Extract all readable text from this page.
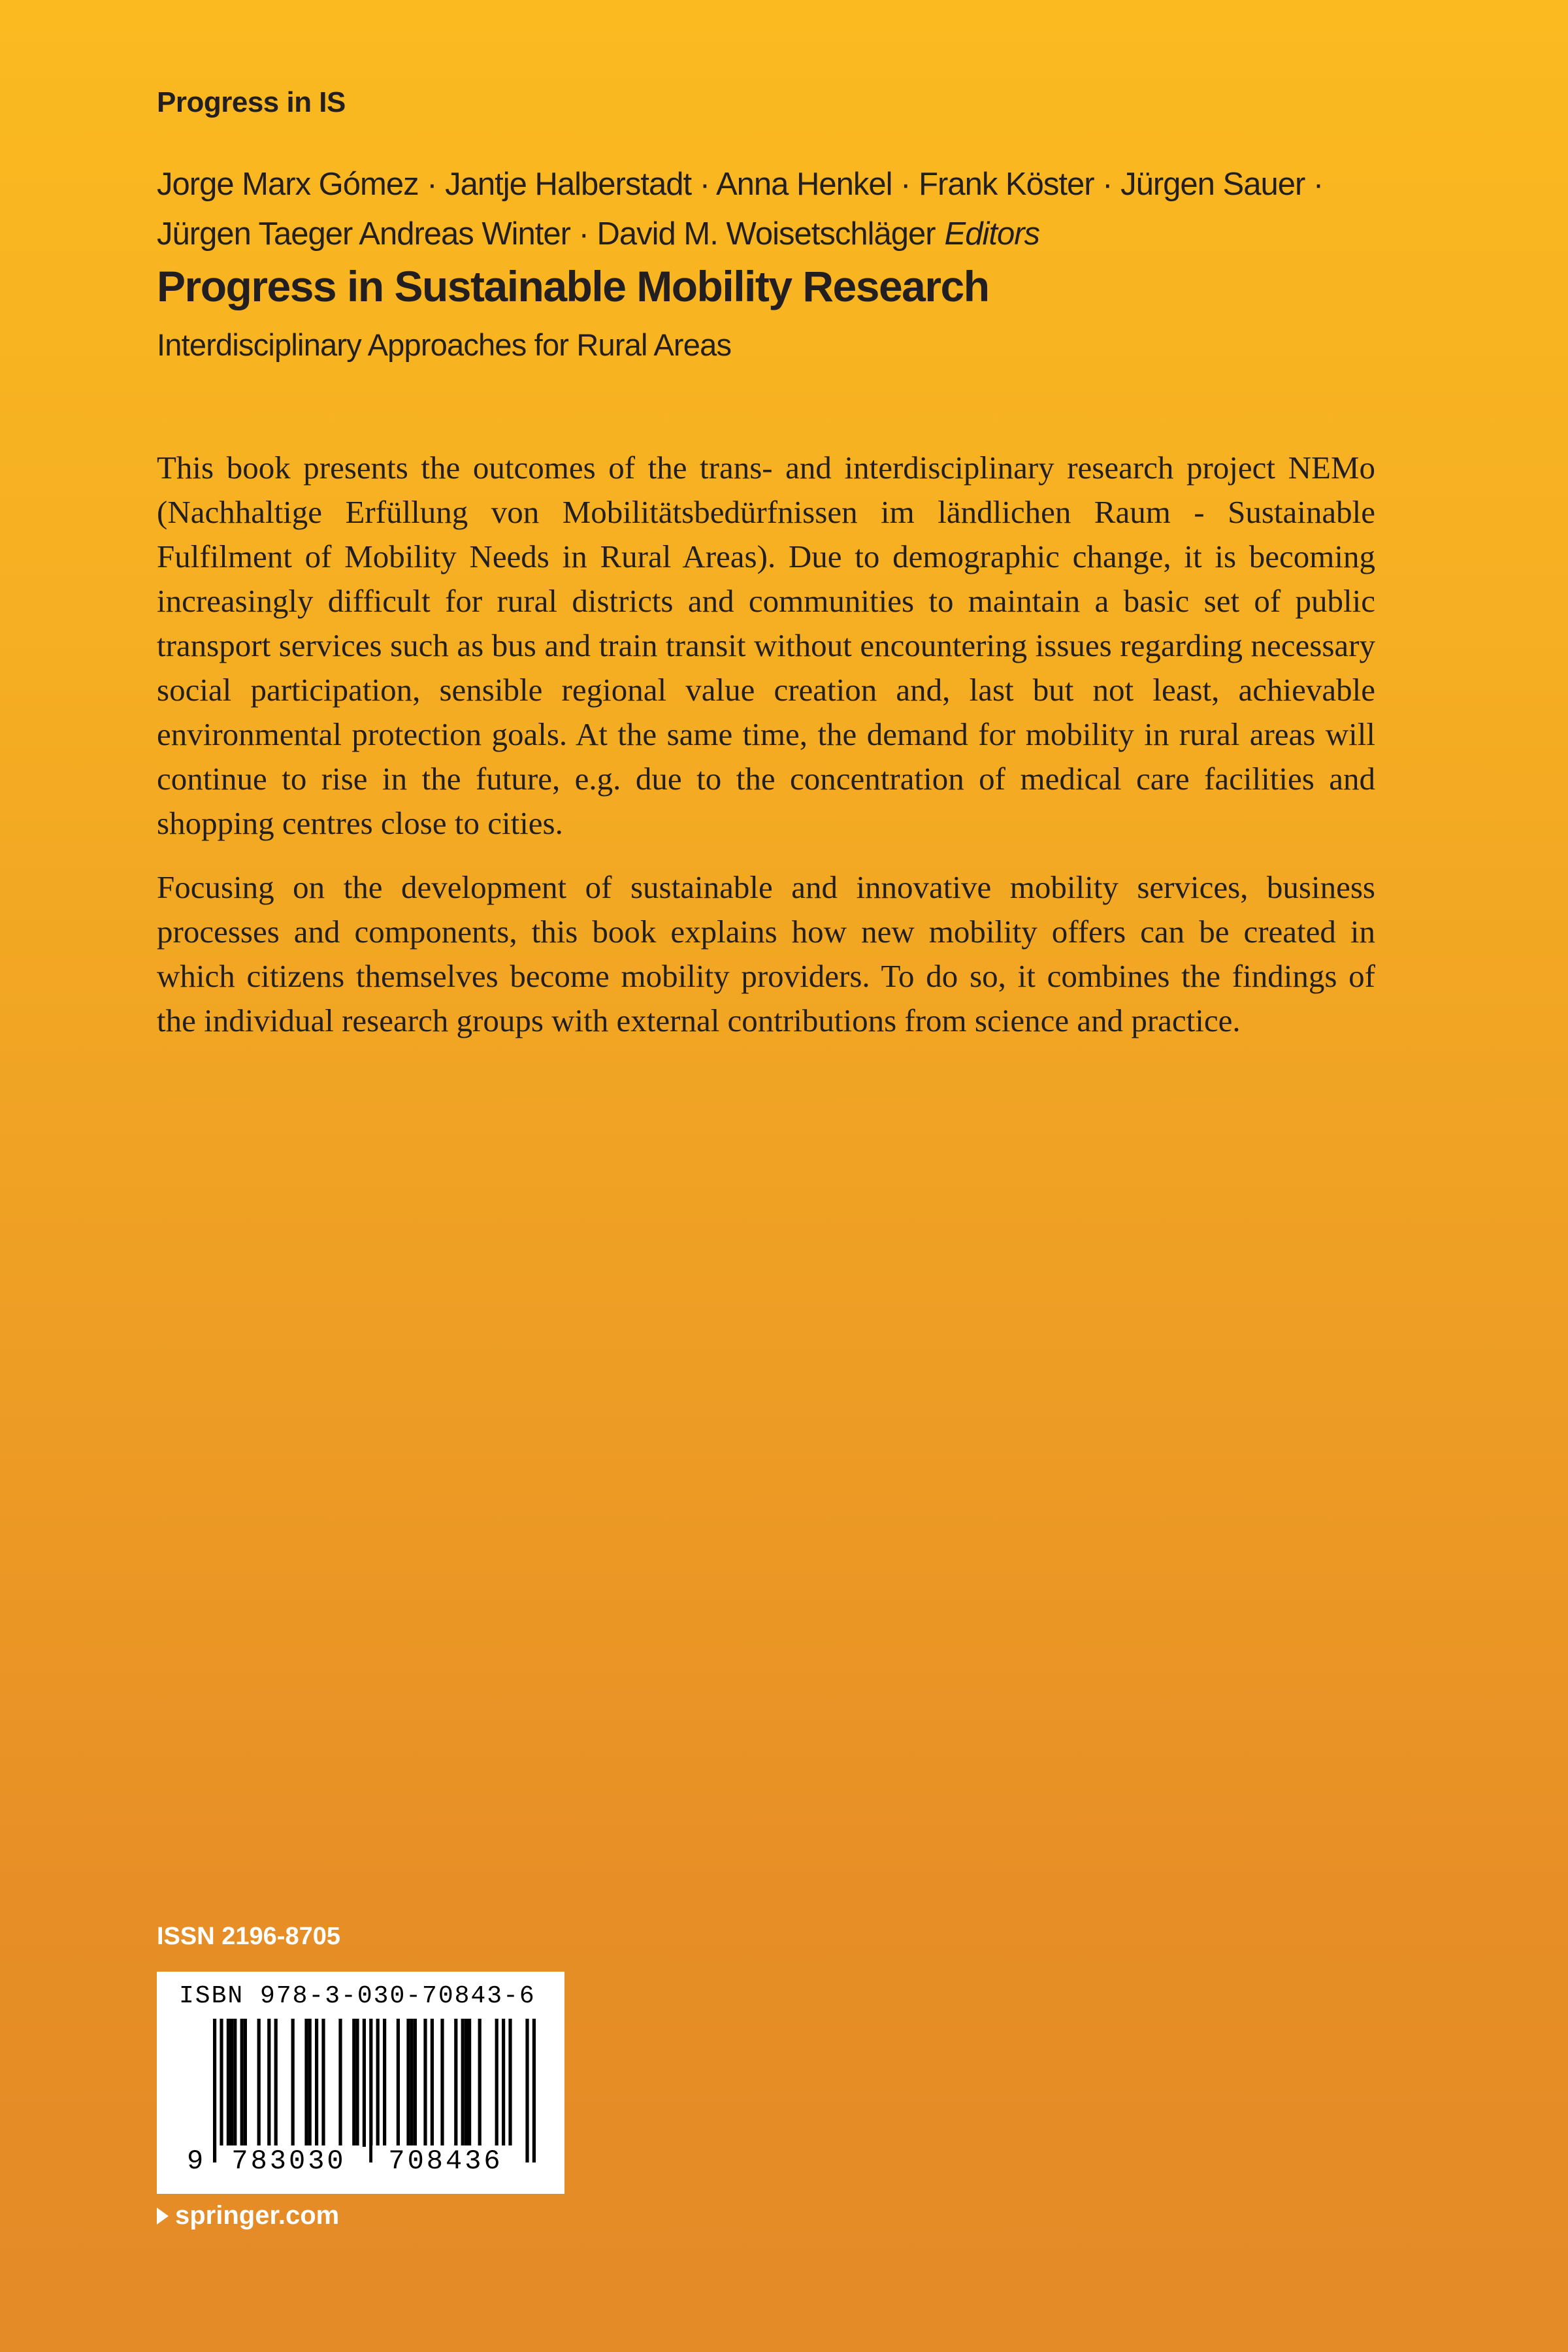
Progress in IS
Jorge Marx Gómez · Jantje Halberstadt · Anna Henkel · Frank Köster · Jürgen Sauer · Jürgen Taeger Andreas Winter · David M. Woisetschläger Editors
Progress in Sustainable Mobility Research
Interdisciplinary Approaches for Rural Areas

This book presents the outcomes of the trans- and interdisciplinary research project NEMo (Nachhaltige Erfüllung von Mobilitätsbedürfnissen im ländlichen Raum - Sustainable Fulfilment of Mobility Needs in Rural Areas). Due to demographic change, it is becoming increasingly difficult for rural districts and communities to maintain a basic set of public transport services such as bus and train transit without encountering issues regarding necessary social participation, sensible regional value creation and, last but not least, achievable environmental protection goals. At the same time, the demand for mobility in rural areas will continue to rise in the future, e.g. due to the concentration of medical care facilities and shopping centres close to cities.

Focusing on the development of sustainable and innovative mobility services, business processes and components, this book explains how new mobility offers can be created in which citizens themselves become mobility providers. To do so, it combines the findings of the individual research groups with external contributions from science and practice.

ISSN 2196-8705
ISBN 978-3-030-70843-6
9	783030	708436
springer.com
